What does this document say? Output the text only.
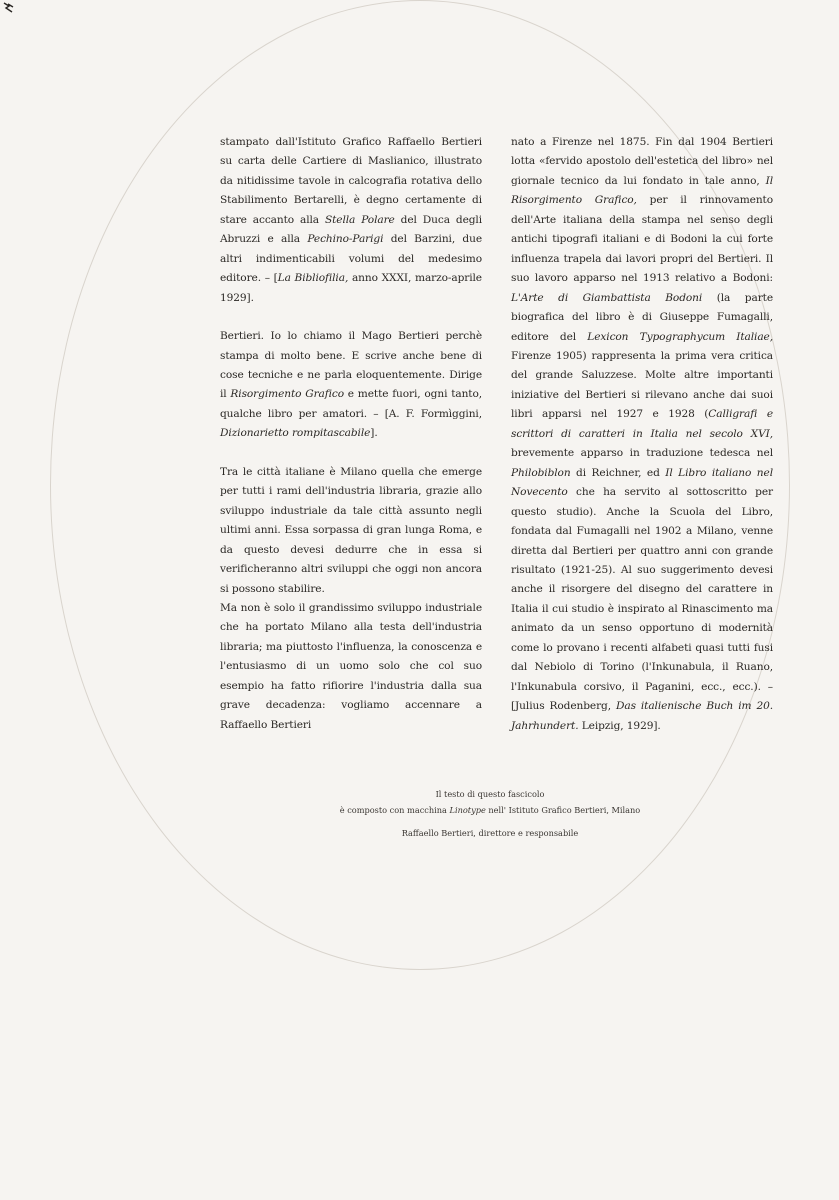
stampato dall'Istituto Grafico Raffaello Bertieri su carta delle Cartiere di Maslianico, illustrato da nitidissime tavole in calcografia rotativa dello Stabilimento Bertarelli, è degno certamente di stare accanto alla Stella Polare del Duca degli Abruzzi e alla Pechino-Parigi del Barzini, due altri indimenticabili volumi del medesimo editore. – [La Bibliofilia, anno XXXI, marzo-aprile 1929].

Bertieri. Io lo chiamo il Mago Bertieri perchè stampa di molto bene. E scrive anche bene di cose tecniche e ne parla eloquentemente. Dirige il Risorgimento Grafico e mette fuori, ogni tanto, qualche libro per amatori. – [A. F. Formìggini, Dizionarietto rompitascabile].

Tra le città italiane è Milano quella che emerge per tutti i rami dell'industria libraria, grazie allo sviluppo industriale da tale città assunto negli ultimi anni. Essa sorpassa di gran lunga Roma, e da questo devesi dedurre che in essa si verificheranno altri sviluppi che oggi non ancora si possono stabilire.

Ma non è solo il grandissimo sviluppo industriale che ha portato Milano alla testa dell'industria libraria; ma piuttosto l'influenza, la conoscenza e l'entusiasmo di un uomo solo che col suo esempio ha fatto rifiorire l'industria dalla sua grave decadenza: vogliamo accennare a Raffaello Bertieri

nato a Firenze nel 1875. Fin dal 1904 Bertieri lotta «fervido apostolo dell'estetica del libro» nel giornale tecnico da lui fondato in tale anno, Il Risorgimento Grafico, per il rinnovamento dell'Arte italiana della stampa nel senso degli antichi tipografi italiani e di Bodoni la cui forte influenza trapela dai lavori propri del Bertieri. Il suo lavoro apparso nel 1913 relativo a Bodoni: L'Arte di Giambattista Bodoni (la parte biografica del libro è di Giuseppe Fumagalli, editore del Lexicon Typographycum Italiae, Firenze 1905) rappresenta la prima vera critica del grande Saluzzese. Molte altre importanti iniziative del Bertieri si rilevano anche dai suoi libri apparsi nel 1927 e 1928 (Calligrafi e scrittori di caratteri in Italia nel secolo XVI, brevemente apparso in traduzione tedesca nel Philobiblon di Reichner, ed Il Libro italiano nel Novecento che ha servito al sottoscritto per questo studio). Anche la Scuola del Libro, fondata dal Fumagalli nel 1902 a Milano, venne diretta dal Bertieri per quattro anni con grande risultato (1921-25). Al suo suggerimento devesi anche il risorgere del disegno del carattere in Italia il cui studio è inspirato al Rinascimento ma animato da un senso opportuno di modernità come lo provano i recenti alfabeti quasi tutti fusi dal Nebiolo di Torino (l'Inkunabula, il Ruano, l'Inkunabula corsivo, il Paganini, ecc., ecc.). – [Julius Rodenberg, Das italienische Buch im 20. Jahrhundert. Leipzig, 1929].

Il testo di questo fascicolo
è composto con macchina Linotype nell' Istituto Grafico Bertieri, Milano
Raffaello Bertieri, direttore e responsabile
